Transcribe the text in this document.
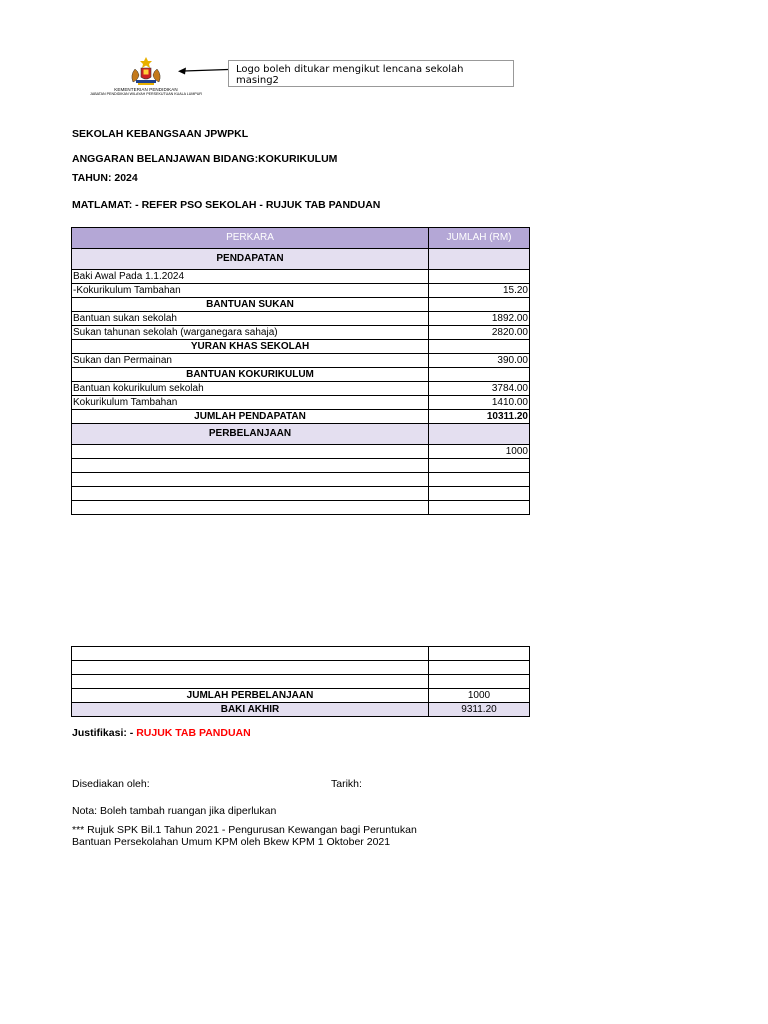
KEMENTERIAN PENDIDIKAN
JABATAN PENDIDIKAN WILAYAH PERSEKUTUAN KUALA LUMPUR
Logo boleh ditukar mengikut lencana sekolah masing2
SEKOLAH KEBANGSAAN JPWPKL
ANGGARAN BELANJAWAN BIDANG:KOKURIKULUM
TAHUN: 2024
MATLAMAT: - REFER PSO SEKOLAH - RUJUK TAB PANDUAN
PERKARA	JUMLAH (RM)
PENDAPATAN	
Baki Awal Pada 1.1.2024	
-Kokurikulum Tambahan	15.20
BANTUAN SUKAN	
Bantuan sukan sekolah	1892.00
Sukan tahunan sekolah (warganegara sahaja)	2820.00
YURAN KHAS SEKOLAH	
Sukan dan Permainan	390.00
BANTUAN KOKURIKULUM	
Bantuan kokurikulum sekolah	3784.00
Kokurikulum Tambahan	1410.00
JUMLAH PENDAPATAN	10311.20
PERBELANJAAN	
	1000

JUMLAH PERBELANJAAN	1000
BAKI AKHIR	9311.20
Justifikasi: - RUJUK TAB PANDUAN
Disediakan oleh:	Tarikh:
Nota: Boleh tambah ruangan jika diperlukan
*** Rujuk SPK Bil.1 Tahun 2021 - Pengurusan Kewangan bagi Peruntukan
Bantuan Persekolahan Umum KPM oleh Bkew KPM 1 Oktober 2021
